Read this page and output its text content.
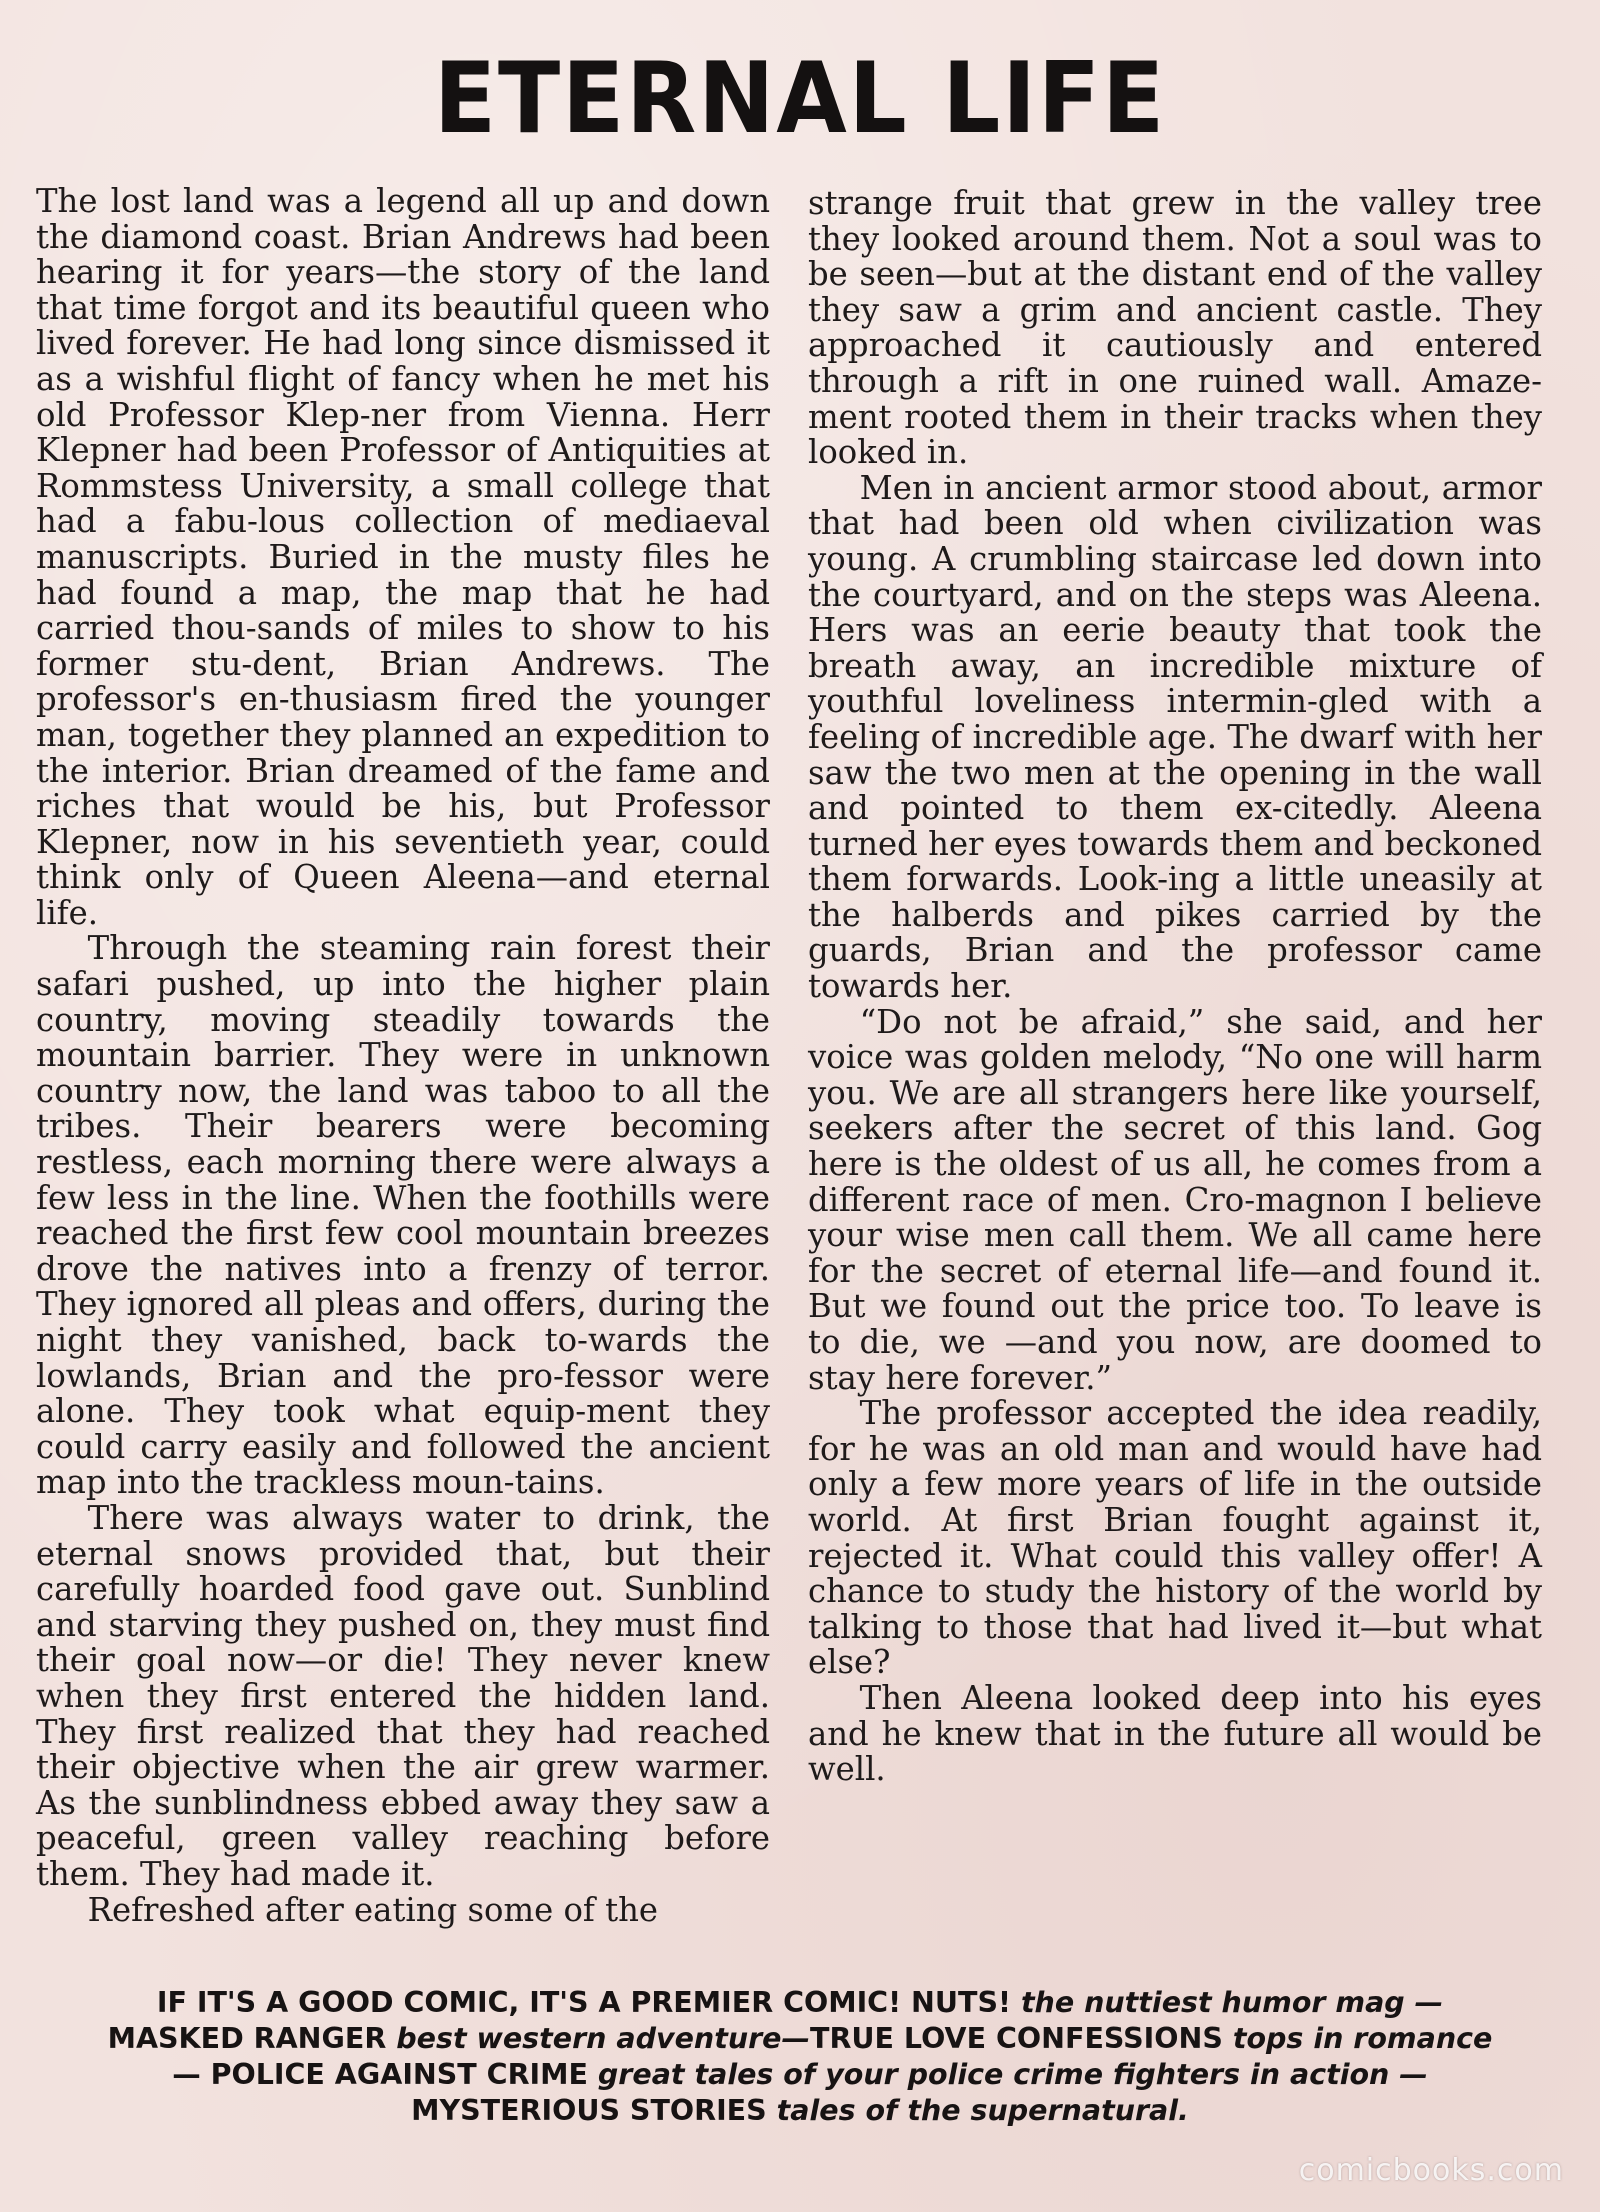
ETERNAL LIFE

The lost land was a legend all up and down the diamond coast. Brian Andrews had been hearing it for years—the story of the land that time forgot and its beautiful queen who lived forever. He had long since dismissed it as a wishful flight of fancy when he met his old Professor Klep-ner from Vienna. Herr Klepner had been Professor of Antiquities at Rommstess University, a small college that had a fabu-lous collection of mediaeval manuscripts. Buried in the musty files he had found a map, the map that he had carried thou-sands of miles to show to his former stu-dent, Brian Andrews. The professor's en-thusiasm fired the younger man, together they planned an expedition to the interior. Brian dreamed of the fame and riches that would be his, but Professor Klepner, now in his seventieth year, could think only of Queen Aleena—and eternal life.

Through the steaming rain forest their safari pushed, up into the higher plain country, moving steadily towards the mountain barrier. They were in unknown country now, the land was taboo to all the tribes. Their bearers were becoming restless, each morning there were always a few less in the line. When the foothills were reached the first few cool mountain breezes drove the natives into a frenzy of terror. They ignored all pleas and offers, during the night they vanished, back to-wards the lowlands, Brian and the pro-fessor were alone. They took what equip-ment they could carry easily and followed the ancient map into the trackless moun-tains.

There was always water to drink, the eternal snows provided that, but their carefully hoarded food gave out. Sunblind and starving they pushed on, they must find their goal now—or die! They never knew when they first entered the hidden land. They first realized that they had reached their objective when the air grew warmer. As the sunblindness ebbed away they saw a peaceful, green valley reaching before them. They had made it.

Refreshed after eating some of the

strange fruit that grew in the valley tree they looked around them. Not a soul was to be seen—but at the distant end of the valley they saw a grim and ancient castle. They approached it cautiously and entered through a rift in one ruined wall. Amaze-ment rooted them in their tracks when they looked in.

Men in ancient armor stood about, armor that had been old when civilization was young. A crumbling staircase led down into the courtyard, and on the steps was Aleena. Hers was an eerie beauty that took the breath away, an incredible mixture of youthful loveliness intermin-gled with a feeling of incredible age. The dwarf with her saw the two men at the opening in the wall and pointed to them ex-citedly. Aleena turned her eyes towards them and beckoned them forwards. Look-ing a little uneasily at the halberds and pikes carried by the guards, Brian and the professor came towards her.

“Do not be afraid,” she said, and her voice was golden melody, “No one will harm you. We are all strangers here like yourself, seekers after the secret of this land. Gog here is the oldest of us all, he comes from a different race of men. Cro-magnon I believe your wise men call them. We all came here for the secret of eternal life—and found it. But we found out the price too. To leave is to die, we —and you now, are doomed to stay here forever.”

The professor accepted the idea readily, for he was an old man and would have had only a few more years of life in the outside world. At first Brian fought against it, rejected it. What could this valley offer! A chance to study the history of the world by talking to those that had lived it—but what else?

Then Aleena looked deep into his eyes and he knew that in the future all would be well.

IF IT'S A GOOD COMIC, IT'S A PREMIER COMIC! NUTS! the nuttiest humor mag —
MASKED RANGER best western adventure—TRUE LOVE CONFESSIONS tops in romance
— POLICE AGAINST CRIME great tales of your police crime fighters in action —
MYSTERIOUS STORIES tales of the supernatural.
comicbooks.com
